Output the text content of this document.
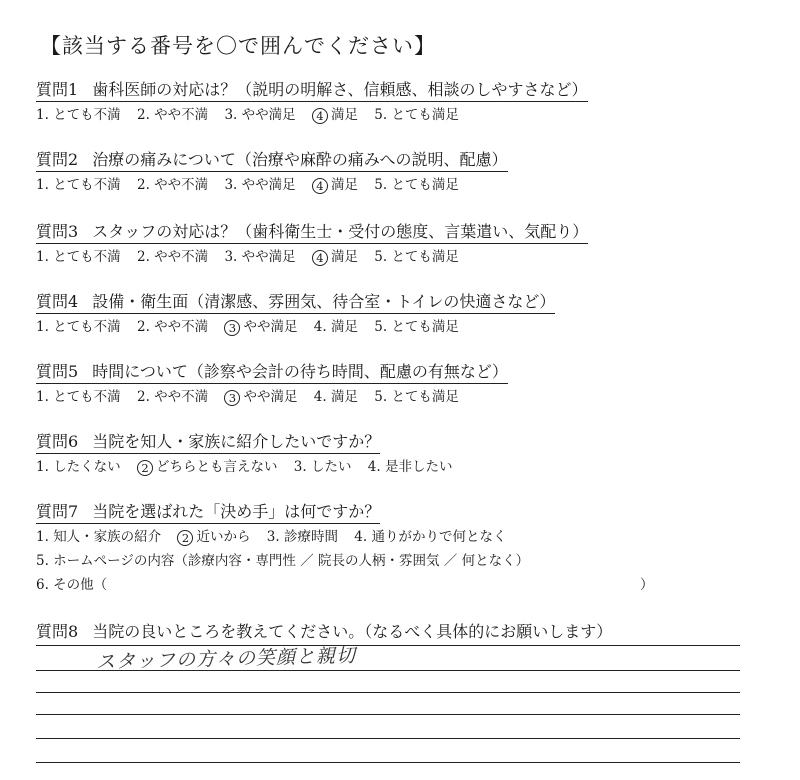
【該当する番号を〇で囲んでください】
質問1 歯科医師の対応は？（説明の明解さ、信頼感、相談のしやすさなど）
1. とても不満 2. やや不満 3. やや満足 4 満足 5. とても満足
質問2 治療の痛みについて（治療や麻酔の痛みへの説明、配慮）
1. とても不満 2. やや不満 3. やや満足 4 満足 5. とても満足
質問3 スタッフの対応は？（歯科衛生士・受付の態度、言葉遣い、気配り）
1. とても不満 2. やや不満 3. やや満足 4 満足 5. とても満足
質問4 設備・衛生面（清潔感、雰囲気、待合室・トイレの快適さなど）
1. とても不満 2. やや不満 3 やや満足 4. 満足 5. とても満足
質問5 時間について（診察や会計の待ち時間、配慮の有無など）
1. とても不満 2. やや不満 3 やや満足 4. 満足 5. とても満足
質問6 当院を知人・家族に紹介したいですか？
1. したくない 2 どちらとも言えない 3. したい 4. 是非したい
質問7 当院を選ばれた「決め手」は何ですか？
1. 知人・家族の紹介 2 近いから 3. 診療時間 4. 通りがかりで何となく
5. ホームページの内容（診療内容・専門性 ／ 院長の人柄・雰囲気 ／ 何となく）
6. その他（	）
質問8 当院の良いところを教えてください。（なるべく具体的にお願いします）
スタッフの方々の笑顔と親切
